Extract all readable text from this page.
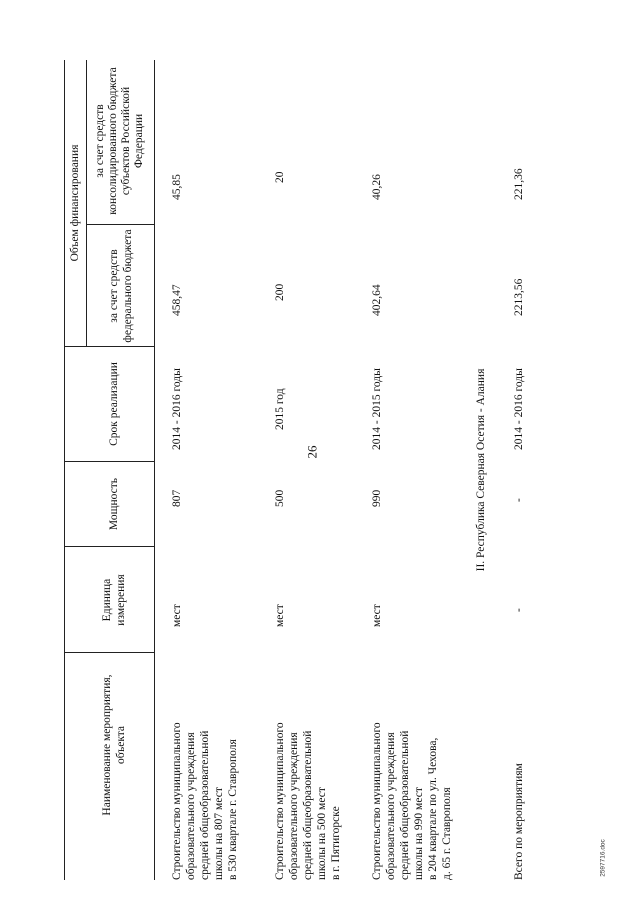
26
2597716.doc
Наименование мероприятия, объекта
Единица измерения
Мощность
Срок реализации
Объем финансирования
за счет средств федерального бюджета
за счет средств консолидированного бюджета субъектов Российской Федерации
Строительство муниципального
образовательного учреждения
средней общеобразовательной
школы на 807 мест
в 530 квартале г. Ставрополя
мест
807
2014 - 2016 годы
458,47
45,85
Строительство муниципального
образовательного учреждения
средней общеобразовательной
школы на 500 мест
в г. Пятигорске
мест
500
2015 год
200
20
Строительство муниципального
образовательного учреждения
средней общеобразовательной
школы на 990 мест
в 204 квартале по ул. Чехова,
д. 65 г. Ставрополя
мест
990
2014 - 2015 годы
402,64
40,26
II. Республика Северная Осетия - Алания
Всего по мероприятиям
-
-
2014 - 2016 годы
2213,56
221,36
